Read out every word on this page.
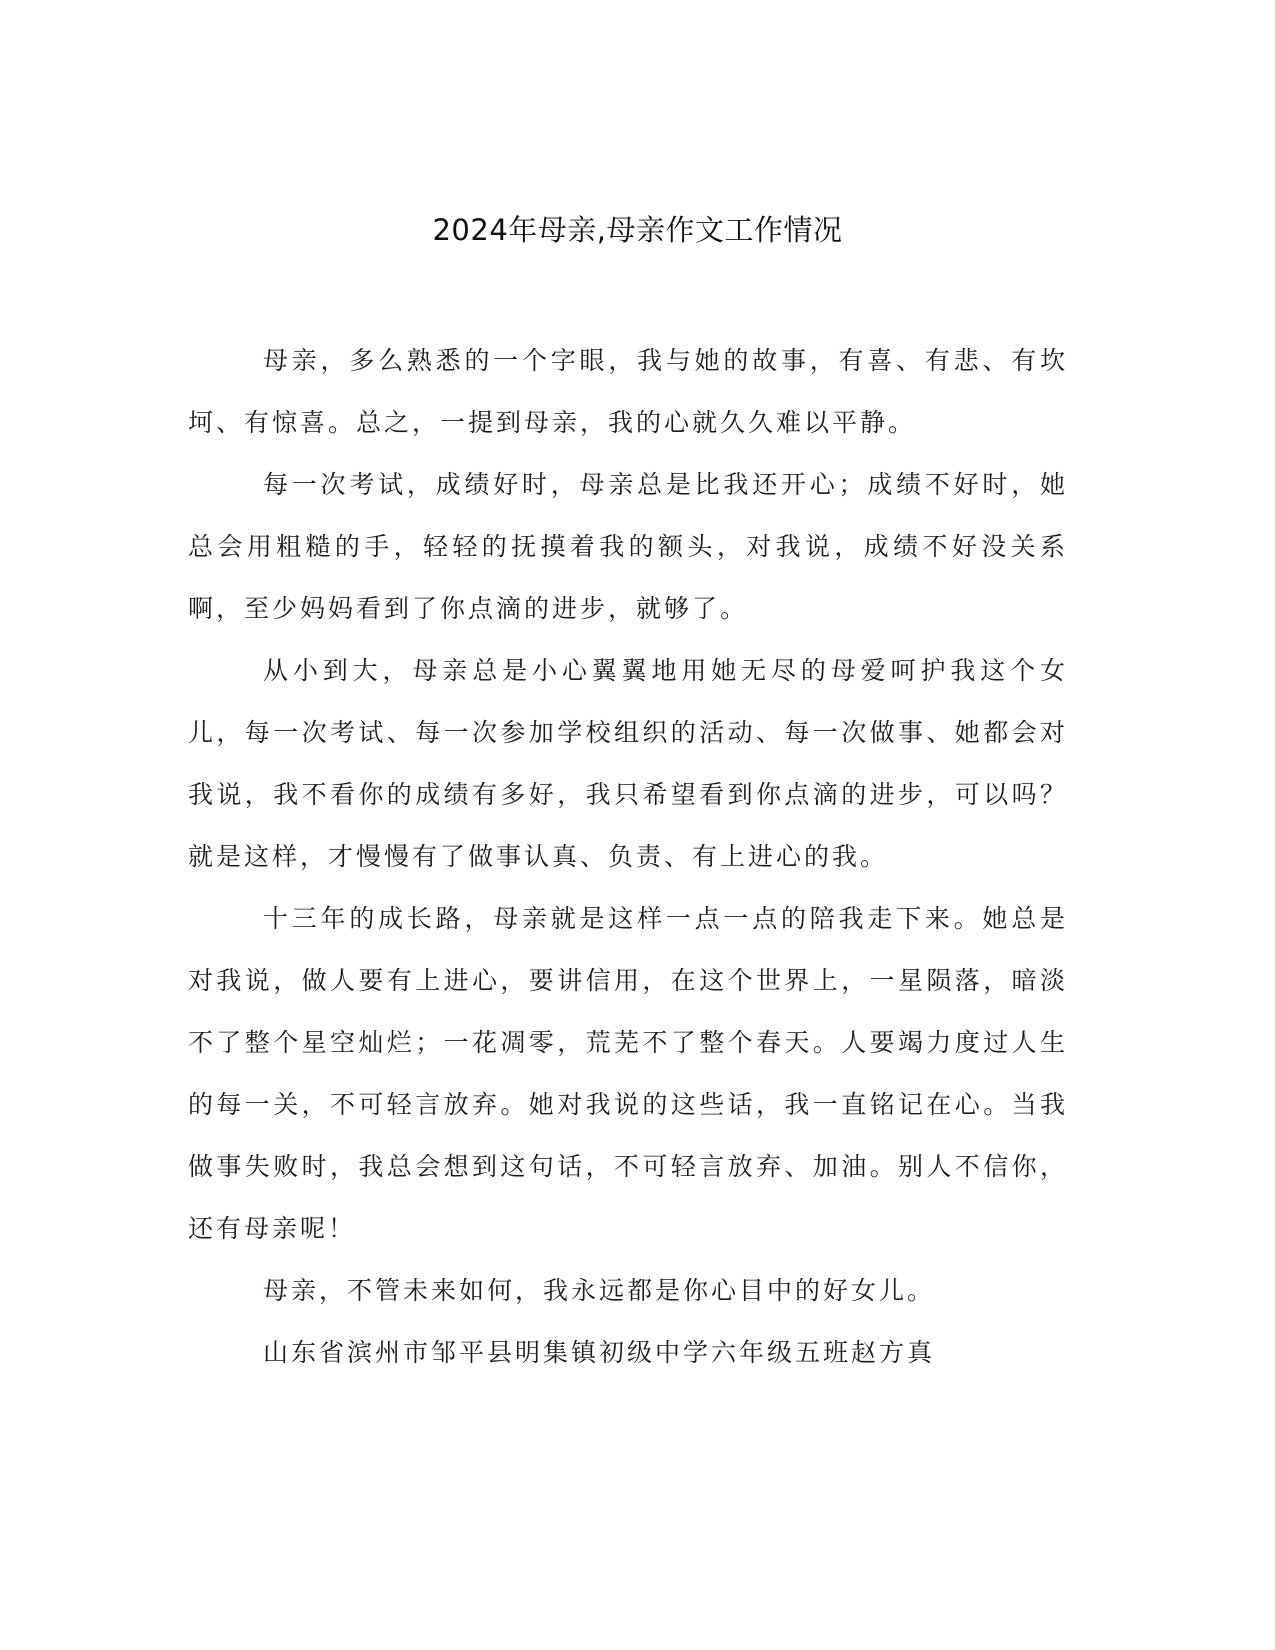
2024年母亲,母亲作文工作情况

母亲，多么熟悉的一个字眼，我与她的故事，有喜、有悲、有坎坷、有惊喜。总之，一提到母亲，我的心就久久难以平静。

每一次考试，成绩好时，母亲总是比我还开心；成绩不好时，她总会用粗糙的手，轻轻的抚摸着我的额头，对我说，成绩不好没关系啊，至少妈妈看到了你点滴的进步，就够了。

从小到大，母亲总是小心翼翼地用她无尽的母爱呵护我这个女儿，每一次考试、每一次参加学校组织的活动、每一次做事、她都会对我说，我不看你的成绩有多好，我只希望看到你点滴的进步，可以吗？就是这样，才慢慢有了做事认真、负责、有上进心的我。

十三年的成长路，母亲就是这样一点一点的陪我走下来。她总是对我说，做人要有上进心，要讲信用，在这个世界上，一星陨落，暗淡不了整个星空灿烂；一花凋零，荒芜不了整个春天。人要竭力度过人生的每一关，不可轻言放弃。她对我说的这些话，我一直铭记在心。当我做事失败时，我总会想到这句话，不可轻言放弃、加油。别人不信你，还有母亲呢！

母亲，不管未来如何，我永远都是你心目中的好女儿。

山东省滨州市邹平县明集镇初级中学六年级五班赵方真
